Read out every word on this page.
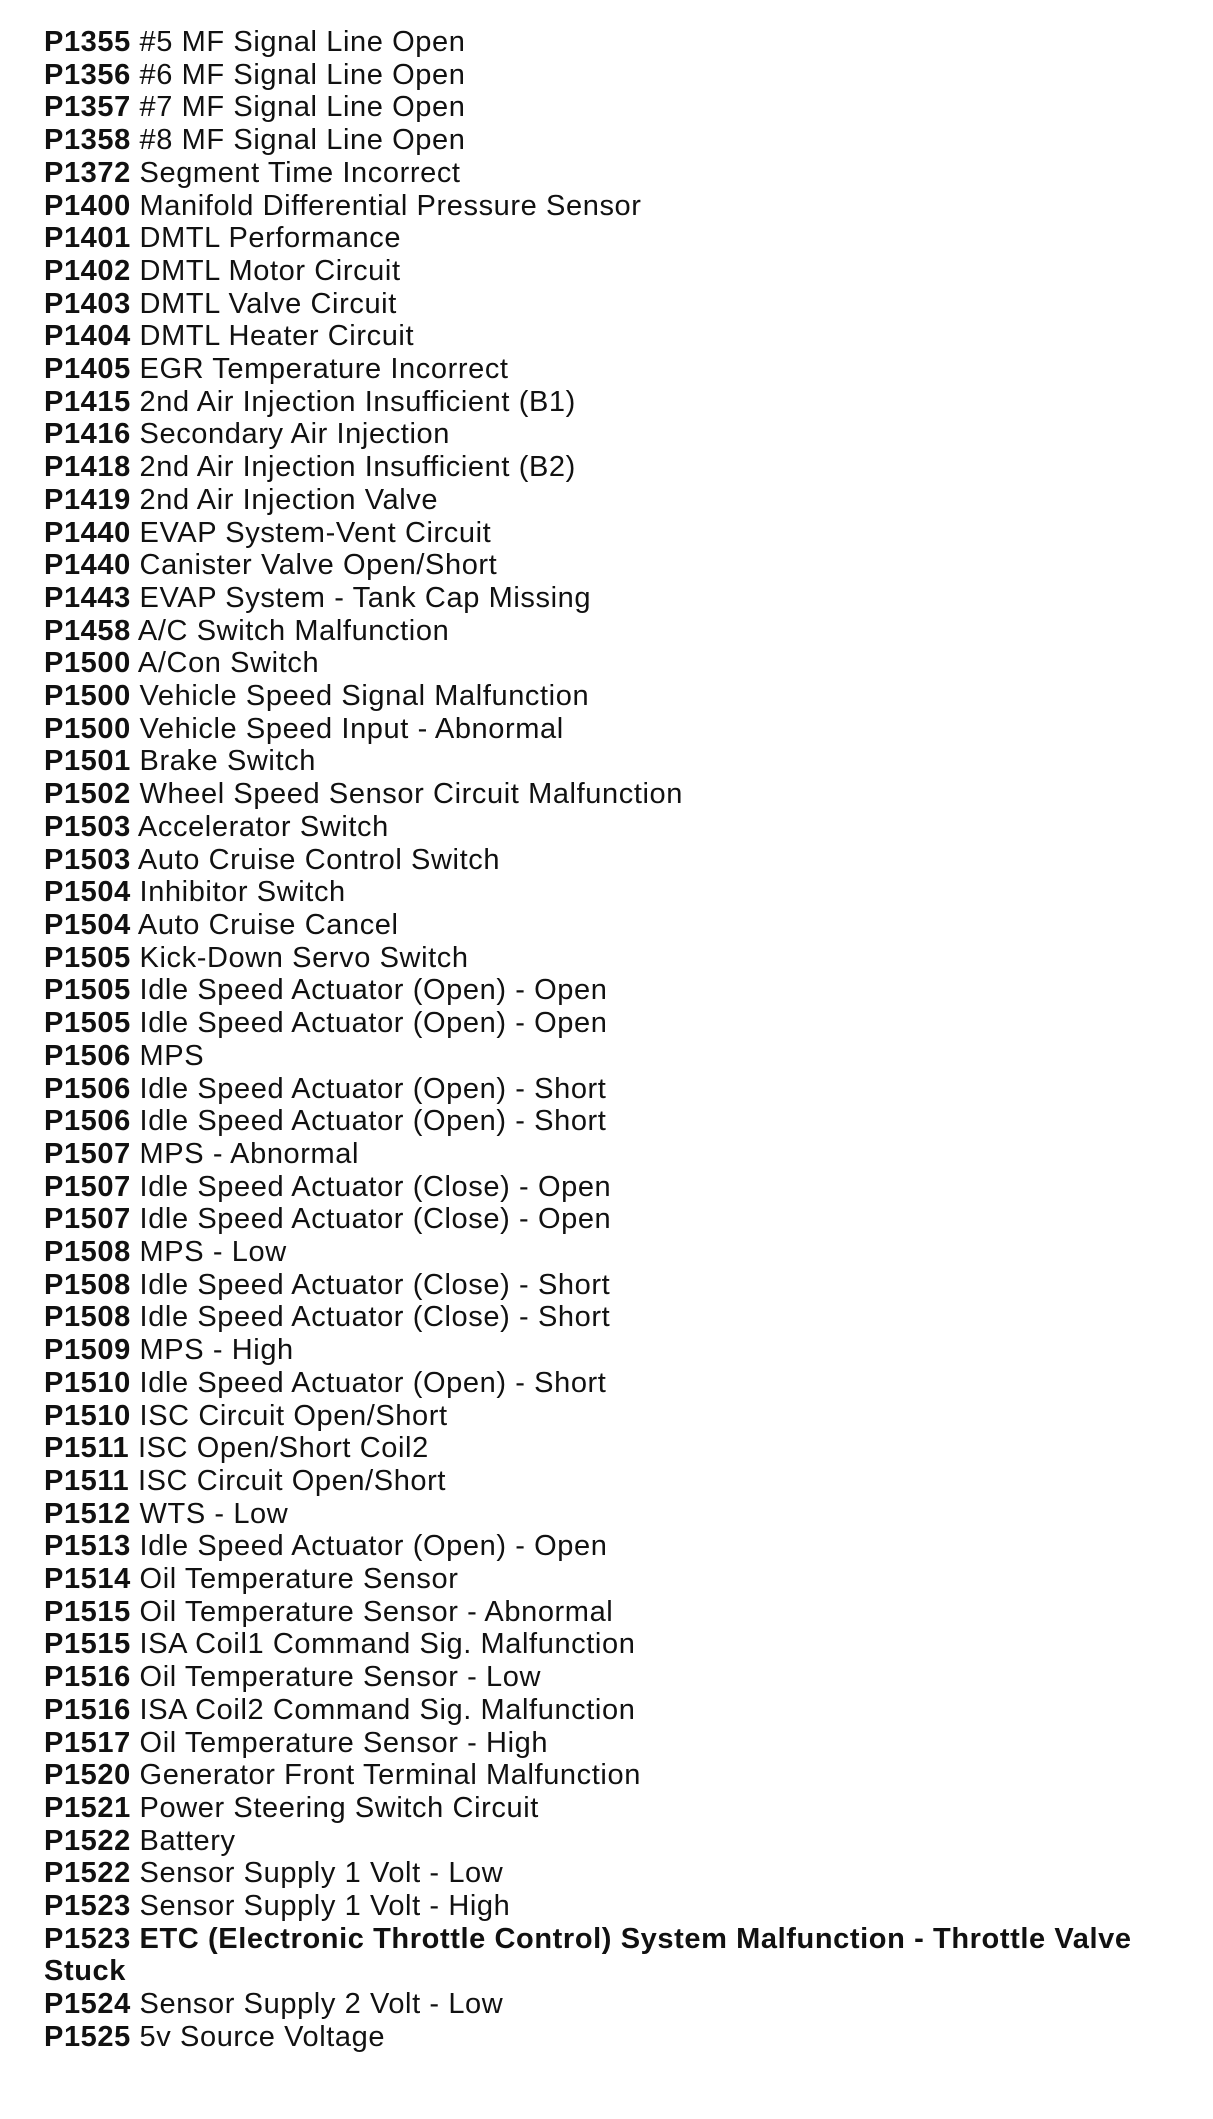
P1355 #5 MF Signal Line Open
P1356 #6 MF Signal Line Open
P1357 #7 MF Signal Line Open
P1358 #8 MF Signal Line Open
P1372 Segment Time Incorrect
P1400 Manifold Differential Pressure Sensor
P1401 DMTL Performance
P1402 DMTL Motor Circuit
P1403 DMTL Valve Circuit
P1404 DMTL Heater Circuit
P1405 EGR Temperature Incorrect
P1415 2nd Air Injection Insufficient (B1)
P1416 Secondary Air Injection
P1418 2nd Air Injection Insufficient (B2)
P1419 2nd Air Injection Valve
P1440 EVAP System-Vent Circuit
P1440 Canister Valve Open/Short
P1443 EVAP System - Tank Cap Missing
P1458 A/C Switch Malfunction
P1500 A/Con Switch
P1500 Vehicle Speed Signal Malfunction
P1500 Vehicle Speed Input - Abnormal
P1501 Brake Switch
P1502 Wheel Speed Sensor Circuit Malfunction
P1503 Accelerator Switch
P1503 Auto Cruise Control Switch
P1504 Inhibitor Switch
P1504 Auto Cruise Cancel
P1505 Kick-Down Servo Switch
P1505 Idle Speed Actuator (Open) - Open
P1505 Idle Speed Actuator (Open) - Open
P1506 MPS
P1506 Idle Speed Actuator (Open) - Short
P1506 Idle Speed Actuator (Open) - Short
P1507 MPS - Abnormal
P1507 Idle Speed Actuator (Close) - Open
P1507 Idle Speed Actuator (Close) - Open
P1508 MPS - Low
P1508 Idle Speed Actuator (Close) - Short
P1508 Idle Speed Actuator (Close) - Short
P1509 MPS - High
P1510 Idle Speed Actuator (Open) - Short
P1510 ISC Circuit Open/Short
P1511 ISC Open/Short Coil2
P1511 ISC Circuit Open/Short
P1512 WTS - Low
P1513 Idle Speed Actuator (Open) - Open
P1514 Oil Temperature Sensor
P1515 Oil Temperature Sensor - Abnormal
P1515 ISA Coil1 Command Sig. Malfunction
P1516 Oil Temperature Sensor - Low
P1516 ISA Coil2 Command Sig. Malfunction
P1517 Oil Temperature Sensor - High
P1520 Generator Front Terminal Malfunction
P1521 Power Steering Switch Circuit
P1522 Battery
P1522 Sensor Supply 1 Volt - Low
P1523 Sensor Supply 1 Volt - High
P1523 ETC (Electronic Throttle Control) System Malfunction - Throttle Valve Stuck
P1524 Sensor Supply 2 Volt - Low
P1525 5v Source Voltage
